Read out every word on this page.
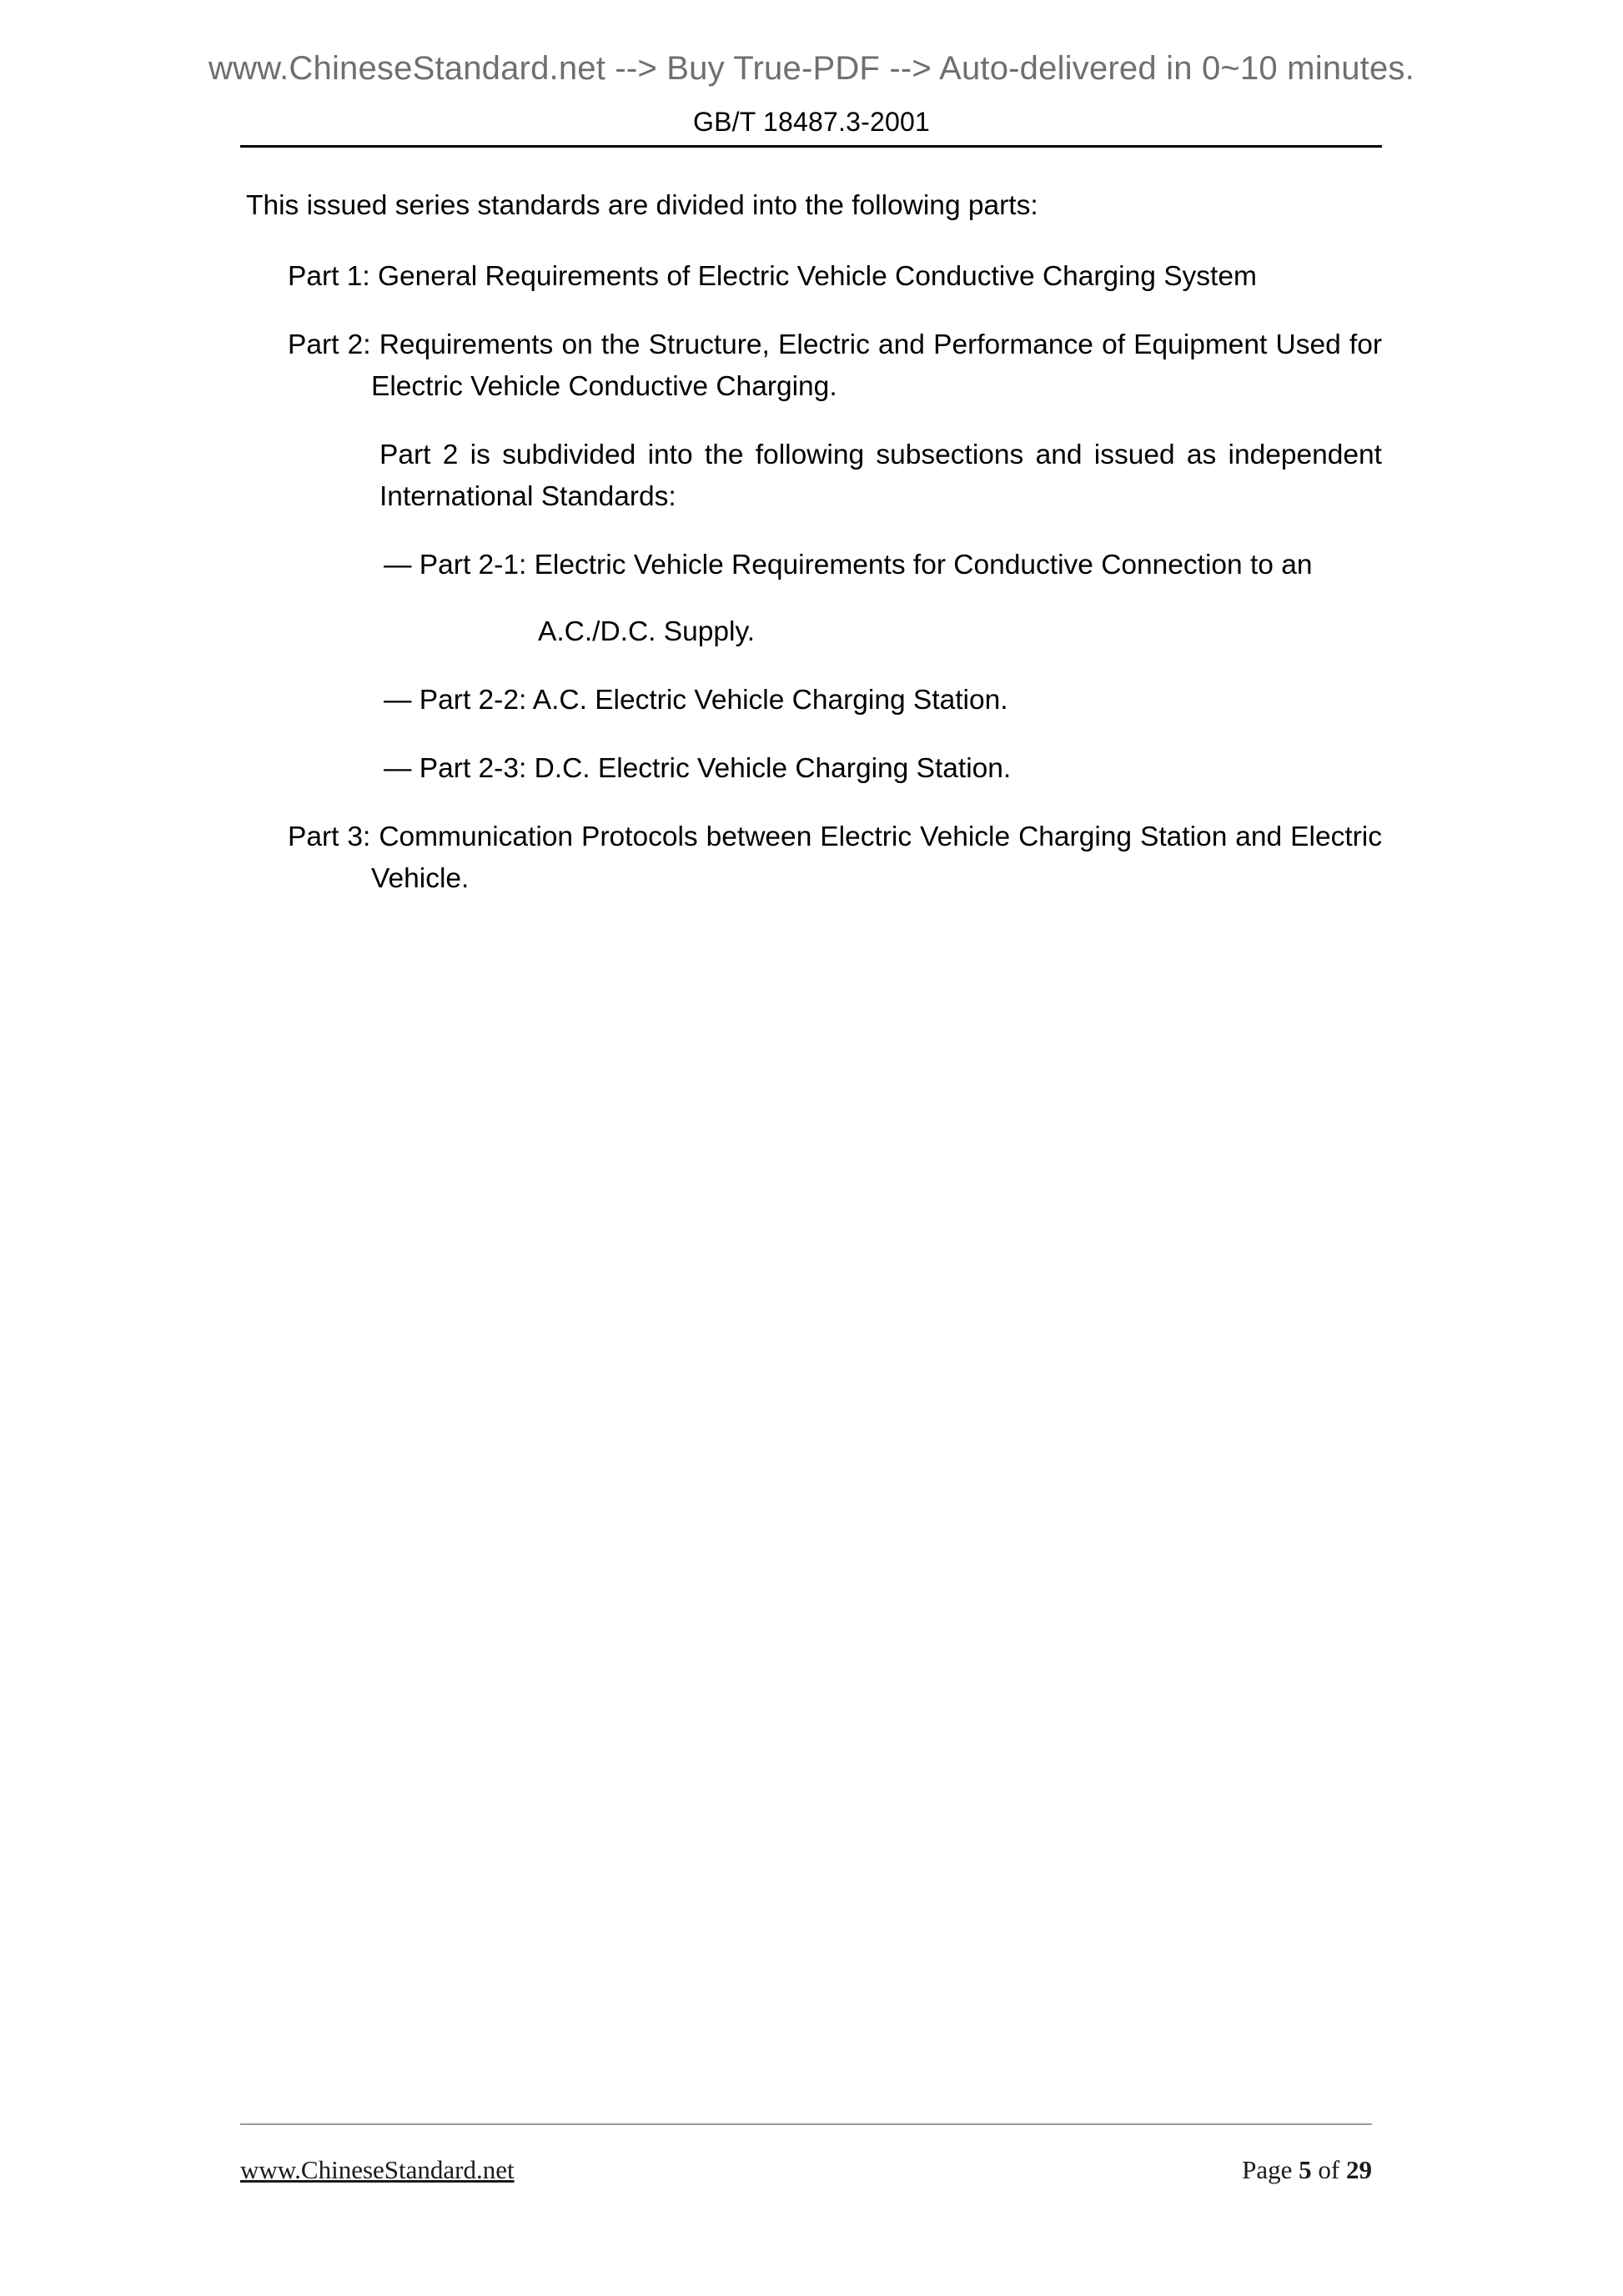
www.ChineseStandard.net --> Buy True-PDF --> Auto-delivered in 0~10 minutes.
GB/T 18487.3-2001

This issued series standards are divided into the following parts:

Part 1: General Requirements of Electric Vehicle Conductive Charging System

Part 2: Requirements on the Structure, Electric and Performance of Equipment Used for Electric Vehicle Conductive Charging.

Part 2 is subdivided into the following subsections and issued as independent International Standards:

— Part 2-1: Electric Vehicle Requirements for Conductive Connection to an

A.C./D.C. Supply.

— Part 2-2: A.C. Electric Vehicle Charging Station.

— Part 2-3: D.C. Electric Vehicle Charging Station.

Part 3: Communication Protocols between Electric Vehicle Charging Station and Electric Vehicle.

www.ChineseStandard.net	Page 5 of 29
